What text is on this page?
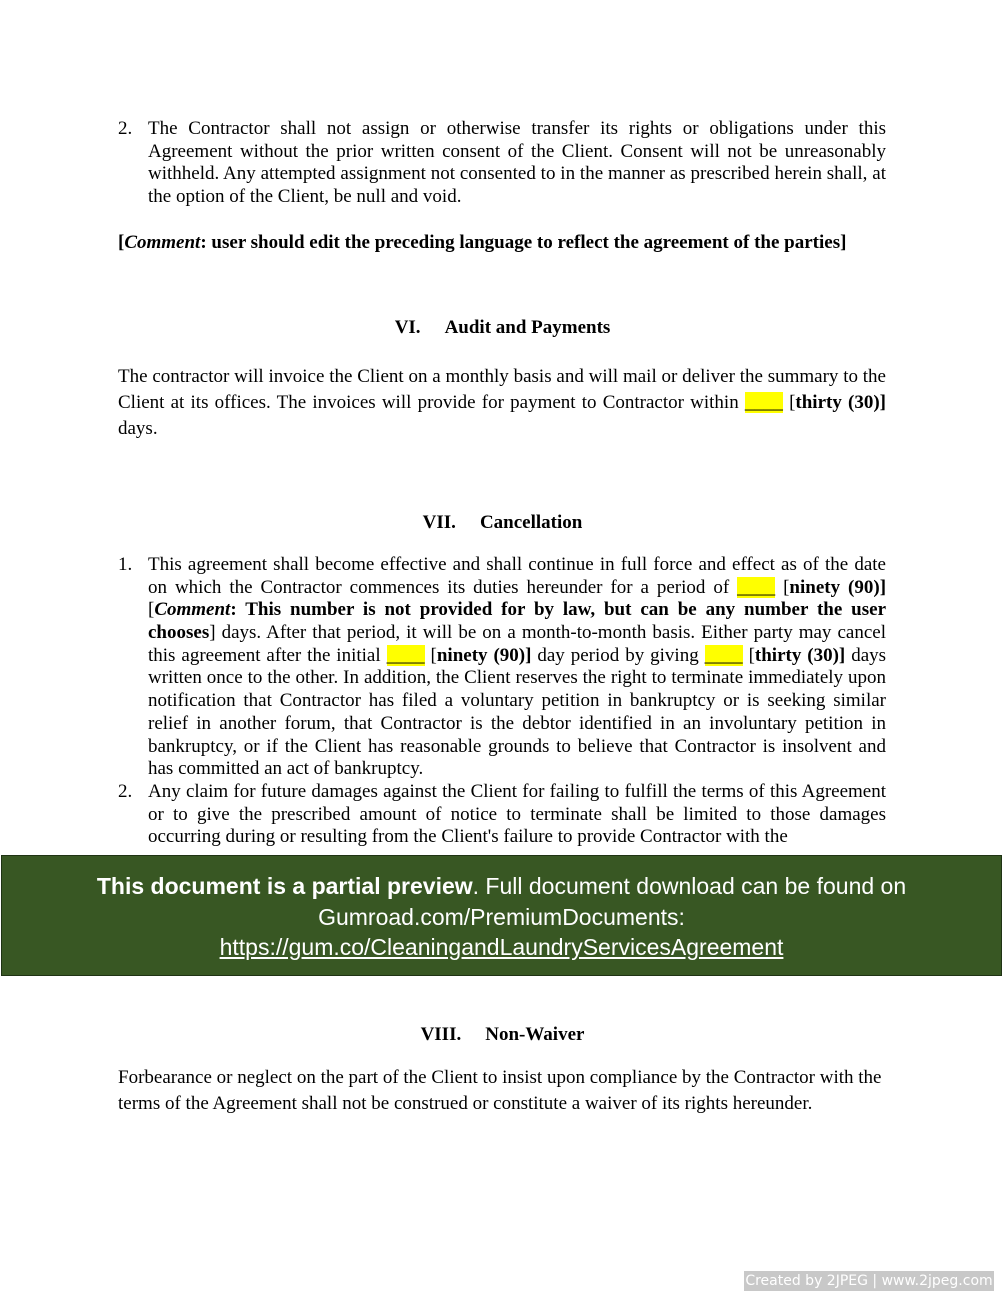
2. The Contractor shall not assign or otherwise transfer its rights or obligations under this Agreement without the prior written consent of the Client. Consent will not be unreasonably withheld. Any attempted assignment not consented to in the manner as prescribed herein shall, at the option of the Client, be null and void.
[Comment: user should edit the preceding language to reflect the agreement of the parties]
VI. Audit and Payments
The contractor will invoice the Client on a monthly basis and will mail or deliver the summary to the Client at its offices. The invoices will provide for payment to Contractor within ____ [thirty (30)] days.
VII. Cancellation
1. This agreement shall become effective and shall continue in full force and effect as of the date on which the Contractor commences its duties hereunder for a period of ____ [ninety (90)] [Comment: This number is not provided for by law, but can be any number the user chooses] days. After that period, it will be on a month-to-month basis. Either party may cancel this agreement after the initial ____ [ninety (90)] day period by giving ____ [thirty (30)] days written once to the other. In addition, the Client reserves the right to terminate immediately upon notification that Contractor has filed a voluntary petition in bankruptcy or is seeking similar relief in another forum, that Contractor is the debtor identified in an involuntary petition in bankruptcy, or if the Client has reasonable grounds to believe that Contractor is insolvent and has committed an act of bankruptcy.
2. Any claim for future damages against the Client for failing to fulfill the terms of this Agreement or to give the prescribed amount of notice to terminate shall be limited to those damages occurring during or resulting from the Client's failure to provide Contractor with the
This document is a partial preview. Full document download can be found on Gumroad.com/PremiumDocuments:
https://gum.co/CleaningandLaundryServicesAgreement
VIII. Non-Waiver
Forbearance or neglect on the part of the Client to insist upon compliance by the Contractor with the terms of the Agreement shall not be construed or constitute a waiver of its rights hereunder.
Created by 2JPEG | www.2jpeg.com
